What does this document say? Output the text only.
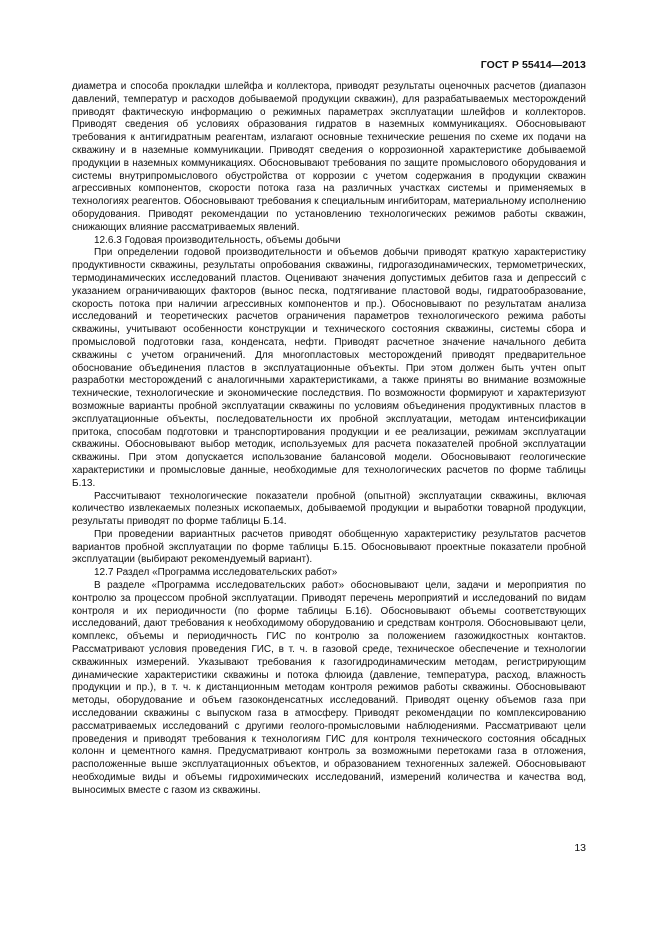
ГОСТ Р 55414—2013

диаметра и способа прокладки шлейфа и коллектора, приводят результаты оценочных расчетов (диапазон давлений, температур и расходов добываемой продукции скважин), для разрабатываемых месторождений приводят фактическую информацию о режимных параметрах эксплуатации шлейфов и коллекторов. Приводят сведения об условиях образования гидратов в наземных коммуникациях. Обосновывают требования к антигидратным реагентам, излагают основные технические решения по схеме их подачи на скважину и в наземные коммуникации. Приводят сведения о коррозионной характеристике добываемой продукции в наземных коммуникациях. Обосновывают требования по защите промыслового оборудования и системы внутрипромыслового обустройства от коррозии с учетом содержания в продукции скважин агрессивных компонентов, скорости потока газа на различных участках системы и применяемых в технологиях реагентов. Обосновывают требования к специальным ингибиторам, материальному исполнению оборудования. Приводят рекомендации по установлению технологических режимов работы скважин, снижающих влияние рассматриваемых явлений.

12.6.3 Годовая производительность, объемы добычи

При определении годовой производительности и объемов добычи приводят краткую характеристику продуктивности скважины, результаты опробования скважины, гидрогазодинамических, термометрических, термодинамических исследований пластов. Оценивают значения допустимых дебитов газа и депрессий с указанием ограничивающих факторов (вынос песка, подтягивание пластовой воды, гидратообразование, скорость потока при наличии агрессивных компонентов и пр.). Обосновывают по результатам анализа исследований и теоретических расчетов ограничения параметров технологического режима работы скважины, учитывают особенности конструкции и технического состояния скважины, системы сбора и промысловой подготовки газа, конденсата, нефти. Приводят расчетное значение начального дебита скважины с учетом ограничений. Для многопластовых месторождений приводят предварительное обоснование объединения пластов в эксплуатационные объекты. При этом должен быть учтен опыт разработки месторождений с аналогичными характеристиками, а также приняты во внимание возможные технические, технологические и экономические последствия. По возможности формируют и характеризуют возможные варианты пробной эксплуатации скважины по условиям объединения продуктивных пластов в эксплуатационные объекты, последовательности их пробной эксплуатации, методам интенсификации притока, способам подготовки и транспортирования продукции и ее реализации, режимам эксплуатации скважины. Обосновывают выбор методик, используемых для расчета показателей пробной эксплуатации скважины. При этом допускается использование балансовой модели. Обосновывают геологические характеристики и промысловые данные, необходимые для технологических расчетов по форме таблицы Б.13.

Рассчитывают технологические показатели пробной (опытной) эксплуатации скважины, включая количество извлекаемых полезных ископаемых, добываемой продукции и выработки товарной продукции, результаты приводят по форме таблицы Б.14.

При проведении вариантных расчетов приводят обобщенную характеристику результатов расчетов вариантов пробной эксплуатации по форме таблицы Б.15. Обосновывают проектные показатели пробной эксплуатации (выбирают рекомендуемый вариант).

12.7 Раздел «Программа исследовательских работ»

В разделе «Программа исследовательских работ» обосновывают цели, задачи и мероприятия по контролю за процессом пробной эксплуатации. Приводят перечень мероприятий и исследований по видам контроля и их периодичности (по форме таблицы Б.16). Обосновывают объемы соответствующих исследований, дают требования к необходимому оборудованию и средствам контроля. Обосновывают цели, комплекс, объемы и периодичность ГИС по контролю за положением газожидкостных контактов. Рассматривают условия проведения ГИС, в т. ч. в газовой среде, техническое обеспечение и технологии скважинных измерений. Указывают требования к газогидродинамическим методам, регистрирующим динамические характеристики скважины и потока флюида (давление, температура, расход, влажность продукции и пр.), в т. ч. к дистанционным методам контроля режимов работы скважины. Обосновывают методы, оборудование и объем газоконденсатных исследований. Приводят оценку объемов газа при исследовании скважины с выпуском газа в атмосферу. Приводят рекомендации по комплексированию рассматриваемых исследований с другими геолого-промысловыми наблюдениями. Рассматривают цели проведения и приводят требования к технологиям ГИС для контроля технического состояния обсадных колонн и цементного камня. Предусматривают контроль за возможными перетоками газа в отложения, расположенные выше эксплуатационных объектов, и образованием техногенных залежей. Обосновывают необходимые виды и объемы гидрохимических исследований, измерений количества и качества вод, выносимых вместе с газом из скважины.

13
